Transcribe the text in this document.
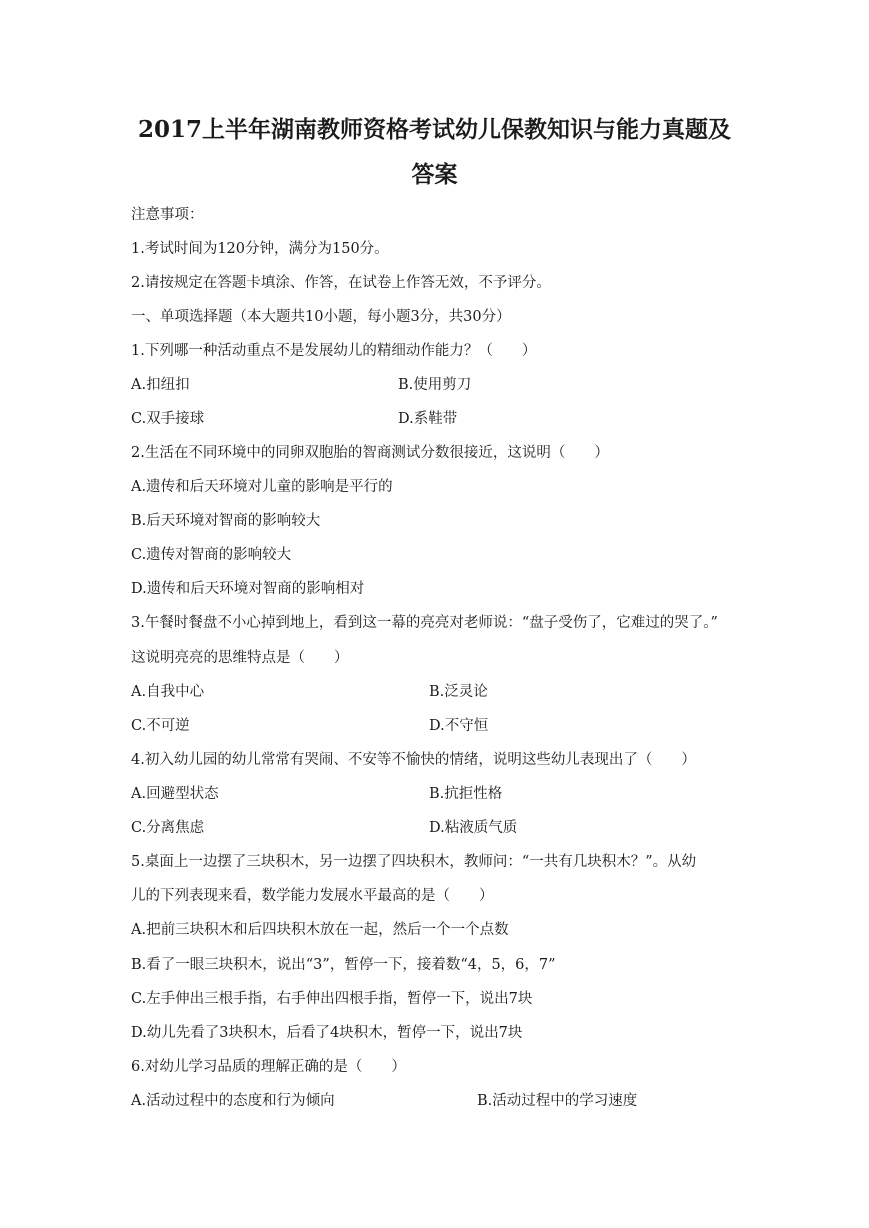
2017上半年湖南教师资格考试幼儿保教知识与能力真题及
答案
注意事项：
1.考试时间为120分钟，满分为150分。
2.请按规定在答题卡填涂、作答，在试卷上作答无效，不予评分。
一、单项选择题（本大题共10小题，每小题3分，共30分）
1.下列哪一种活动重点不是发展幼儿的精细动作能力？（　　）
A.扣纽扣	B.使用剪刀
C.双手接球	D.系鞋带
2.生活在不同环境中的同卵双胞胎的智商测试分数很接近，这说明（　　）
A.遗传和后天环境对儿童的影响是平行的
B.后天环境对智商的影响较大
C.遗传对智商的影响较大
D.遗传和后天环境对智商的影响相对
3.午餐时餐盘不小心掉到地上，看到这一幕的亮亮对老师说：“盘子受伤了，它难过的哭了。”
这说明亮亮的思维特点是（　　）
A.自我中心	B.泛灵论
C.不可逆	D.不守恒
4.初入幼儿园的幼儿常常有哭闹、不安等不愉快的情绪，说明这些幼儿表现出了（　　）
A.回避型状态	B.抗拒性格
C.分离焦虑	D.粘液质气质
5.桌面上一边摆了三块积木，另一边摆了四块积木，教师问：“一共有几块积木？”。从幼
儿的下列表现来看，数学能力发展水平最高的是（　　）
A.把前三块积木和后四块积木放在一起，然后一个一个点数
B.看了一眼三块积木，说出“3”，暂停一下，接着数“4，5，6，7”
C.左手伸出三根手指，右手伸出四根手指，暂停一下，说出7块
D.幼儿先看了3块积木，后看了4块积木，暂停一下，说出7块
6.对幼儿学习品质的理解正确的是（　　）
A.活动过程中的态度和行为倾向	B.活动过程中的学习速度
